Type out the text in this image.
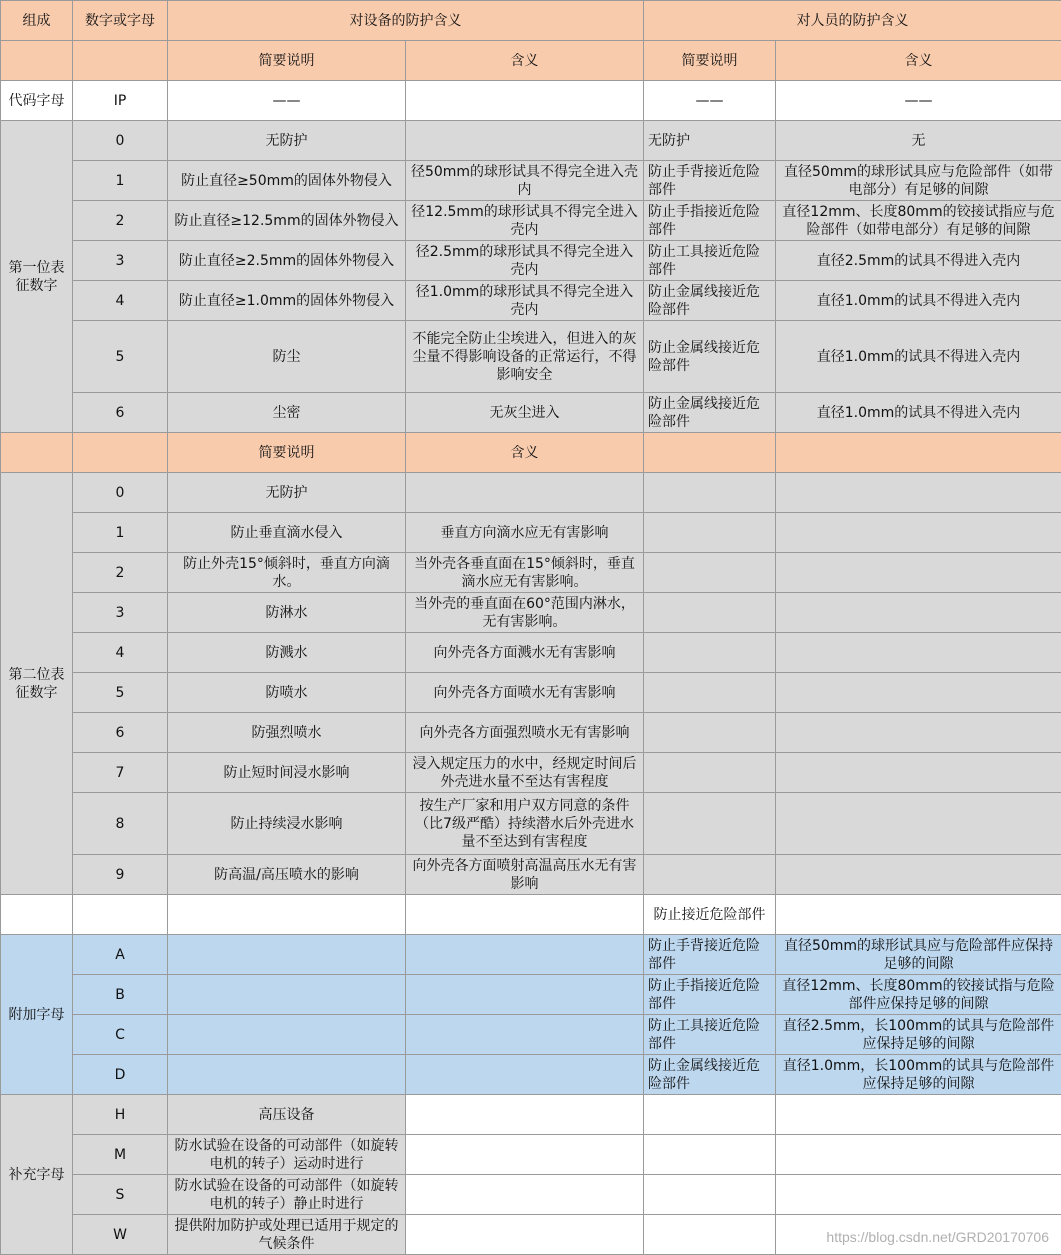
组成	数字或字母	对设备的防护含义		对人员的防护含义	
		简要说明	含义	简要说明	含义
代码字母	IP	——		——	——
第一位表征数字	0	无防护		无防护	无
	1	防止直径≥50mm的固体外物侵入	径50mm的球形试具不得完全进入壳内	防止手背接近危险部件	直径50mm的球形试具应与危险部件（如带电部分）有足够的间隙
	2	防止直径≥12.5mm的固体外物侵入	径12.5mm的球形试具不得完全进入壳内	防止手指接近危险部件	直径12mm、长度80mm的铰接试指应与危险部件（如带电部分）有足够的间隙
	3	防止直径≥2.5mm的固体外物侵入	径2.5mm的球形试具不得完全进入壳内	防止工具接近危险部件	直径2.5mm的试具不得进入壳内
	4	防止直径≥1.0mm的固体外物侵入	径1.0mm的球形试具不得完全进入壳内	防止金属线接近危险部件	直径1.0mm的试具不得进入壳内
	5	防尘	不能完全防止尘埃进入，但进入的灰尘量不得影响设备的正常运行，不得影响安全	防止金属线接近危险部件	直径1.0mm的试具不得进入壳内
	6	尘密	无灰尘进入	防止金属线接近危险部件	直径1.0mm的试具不得进入壳内
		简要说明	含义		
第二位表征数字	0	无防护			
	1	防止垂直滴水侵入	垂直方向滴水应无有害影响		
	2	防止外壳15°倾斜时，垂直方向滴水。	当外壳各垂直面在15°倾斜时，垂直滴水应无有害影响。		
	3	防淋水	当外壳的垂直面在60°范围内淋水，无有害影响。		
	4	防溅水	向外壳各方面溅水无有害影响		
	5	防喷水	向外壳各方面喷水无有害影响		
	6	防强烈喷水	向外壳各方面强烈喷水无有害影响		
	7	防止短时间浸水影响	浸入规定压力的水中，经规定时间后外壳进水量不至达有害程度		
	8	防止持续浸水影响	按生产厂家和用户双方同意的条件（比7级严酷）持续潜水后外壳进水量不至达到有害程度		
	9	防高温/高压喷水的影响	向外壳各方面喷射高温高压水无有害影响		
				防止接近危险部件	
附加字母	A			防止手背接近危险部件	直径50mm的球形试具应与危险部件应保持足够的间隙
	B			防止手指接近危险部件	直径12mm、长度80mm的铰接试指与危险部件应保持足够的间隙
	C			防止工具接近危险部件	直径2.5mm，长100mm的试具与危险部件应保持足够的间隙
	D			防止金属线接近危险部件	直径1.0mm，长100mm的试具与危险部件应保持足够的间隙
补充字母	H	高压设备			
	M	防水试验在设备的可动部件（如旋转电机的转子）运动时进行			
	S	防水试验在设备的可动部件（如旋转电机的转子）静止时进行			
	W	提供附加防护或处理已适用于规定的气候条件				https://blog.csdn.net/GRD20170706
